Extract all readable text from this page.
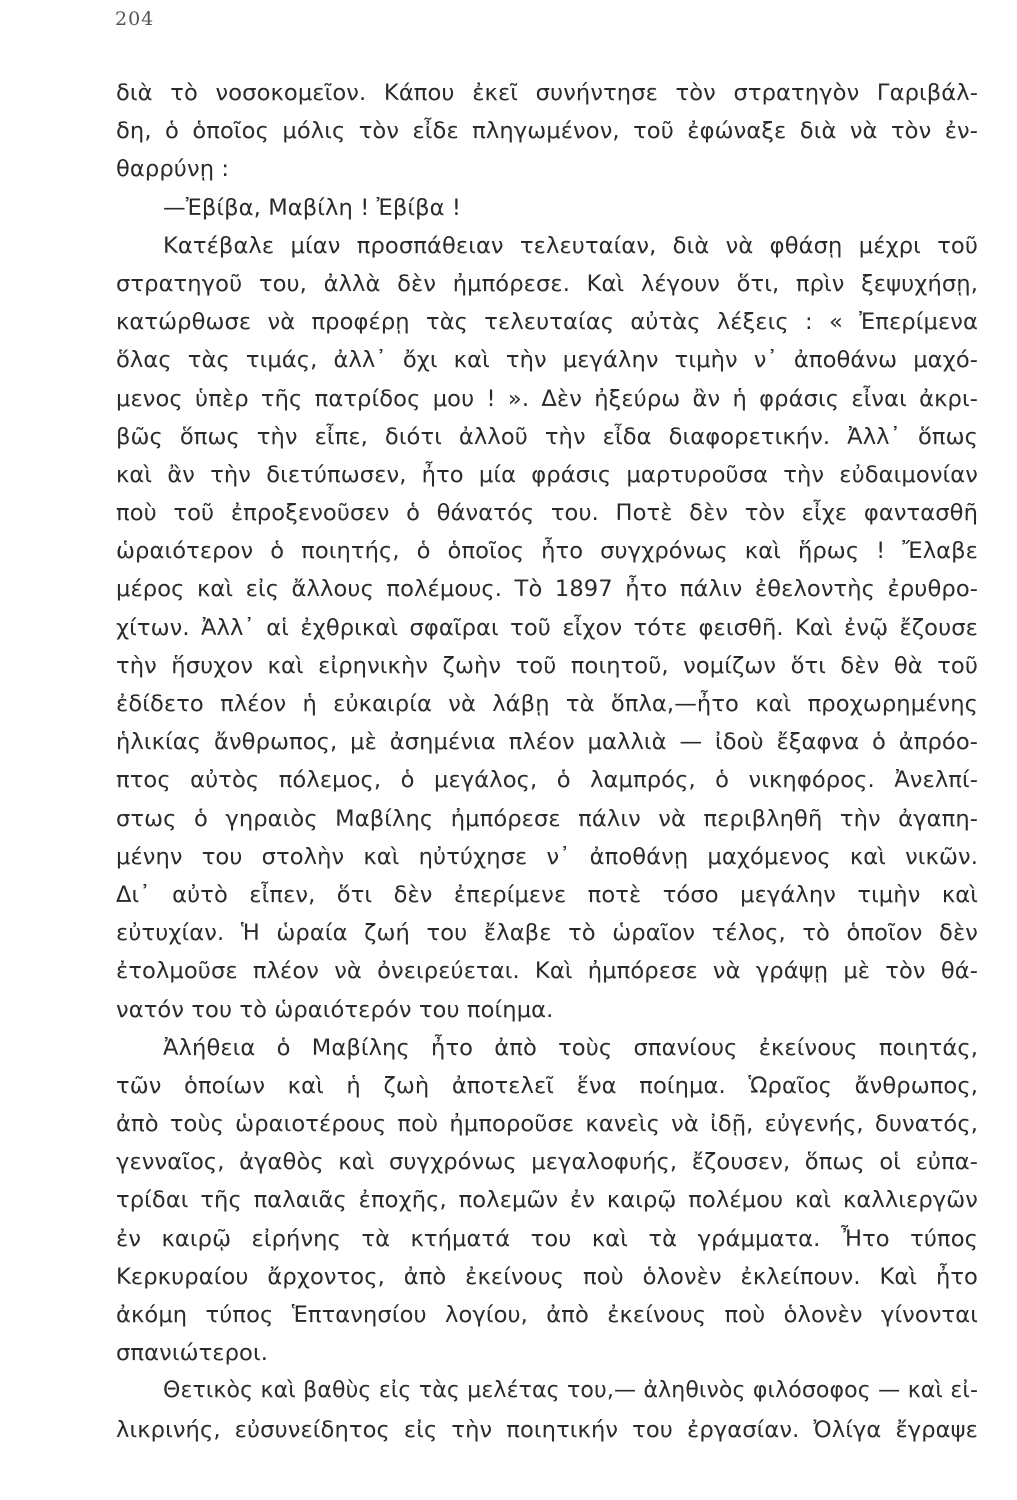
204
διὰ τὸ νοσοκομεῖον. Κάπου ἐκεῖ συνήντησε τὸν στρατηγὸν Γαριβάλ-
δη, ὁ ὁποῖος μόλις τὸν εἶδε πληγωμένον, τοῦ ἐφώναξε διὰ νὰ τὸν ἐν-
θαρρύνῃ :
—Ἐβίβα, Μαβίλη ! Ἐβίβα !
Κατέβαλε μίαν προσπάθειαν τελευταίαν, διὰ νὰ φθάσῃ μέχρι τοῦ
στρατηγοῦ του, ἀλλὰ δὲν ἠμπόρεσε. Καὶ λέγουν ὅτι, πρὶν ξεψυχήσῃ,
κατώρθωσε νὰ προφέρῃ τὰς τελευταίας αὐτὰς λέξεις : « Ἐπερίμενα
ὅλας τὰς τιμάς, ἀλλ᾽ ὄχι καὶ τὴν μεγάλην τιμὴν ν᾽ ἀποθάνω μαχό-
μενος ὑπὲρ τῆς πατρίδος μου ! ». Δὲν ἠξεύρω ἂν ἡ φράσις εἶναι ἀκρι-
βῶς ὅπως τὴν εἶπε, διότι ἀλλοῦ τὴν εἶδα διαφορετικήν. Ἀλλ᾽ ὅπως
καὶ ἂν τὴν διετύπωσεν, ἦτο μία φράσις μαρτυροῦσα τὴν εὐδαιμονίαν
ποὺ τοῦ ἐπροξενοῦσεν ὁ θάνατός του. Ποτὲ δὲν τὸν εἶχε φαντασθῆ
ὡραιότερον ὁ ποιητής, ὁ ὁποῖος ἦτο συγχρόνως καὶ ἥρως ! Ἔλαβε
μέρος καὶ εἰς ἄλλους πολέμους. Τὸ 1897 ἦτο πάλιν ἐθελοντὴς ἐρυθρο-
χίτων. Ἀλλ᾽ αἱ ἐχθρικαὶ σφαῖραι τοῦ εἶχον τότε φεισθῆ. Καὶ ἐνῷ ἔζουσε
τὴν ἥσυχον καὶ εἰρηνικὴν ζωὴν τοῦ ποιητοῦ, νομίζων ὅτι δὲν θὰ τοῦ
ἐδίδετο πλέον ἡ εὐκαιρία νὰ λάβῃ τὰ ὅπλα,—ἦτο καὶ προχωρημένης
ἡλικίας ἄνθρωπος, μὲ ἀσημένια πλέον μαλλιὰ — ἰδοὺ ἔξαφνα ὁ ἀπρόο-
πτος αὐτὸς πόλεμος, ὁ μεγάλος, ὁ λαμπρός, ὁ νικηφόρος. Ἀνελπί-
στως ὁ γηραιὸς Μαβίλης ἠμπόρεσε πάλιν νὰ περιβληθῆ τὴν ἀγαπη-
μένην του στολὴν καὶ ηὐτύχησε ν᾽ ἀποθάνῃ μαχόμενος καὶ νικῶν.
Δι᾽ αὐτὸ εἶπεν, ὅτι δὲν ἐπερίμενε ποτὲ τόσο μεγάλην τιμὴν καὶ
εὐτυχίαν. Ἡ ὡραία ζωή του ἔλαβε τὸ ὡραῖον τέλος, τὸ ὁποῖον δὲν
ἐτολμοῦσε πλέον νὰ ὀνειρεύεται. Καὶ ἠμπόρεσε νὰ γράψῃ μὲ τὸν θά-
νατόν του τὸ ὡραιότερόν του ποίημα.
Ἀλήθεια ὁ Μαβίλης ἦτο ἀπὸ τοὺς σπανίους ἐκείνους ποιητάς,
τῶν ὁποίων καὶ ἡ ζωὴ ἀποτελεῖ ἕνα ποίημα. Ὡραῖος ἄνθρωπος,
ἀπὸ τοὺς ὡραιοτέρους ποὺ ἠμποροῦσε κανεὶς νὰ ἰδῇ, εὐγενής, δυνατός,
γενναῖος, ἀγαθὸς καὶ συγχρόνως μεγαλοφυής, ἔζουσεν, ὅπως οἱ εὐπα-
τρίδαι τῆς παλαιᾶς ἐποχῆς, πολεμῶν ἐν καιρῷ πολέμου καὶ καλλιεργῶν
ἐν καιρῷ εἰρήνης τὰ κτήματά του καὶ τὰ γράμματα. Ἦτο τύπος
Κερκυραίου ἄρχοντος, ἀπὸ ἐκείνους ποὺ ὁλονὲν ἐκλείπουν. Καὶ ἦτο
ἀκόμη τύπος Ἑπτανησίου λογίου, ἀπὸ ἐκείνους ποὺ ὁλονὲν γίνονται
σπανιώτεροι.
Θετικὸς καὶ βαθὺς εἰς τὰς μελέτας του,— ἀληθινὸς φιλόσοφος — καὶ εἰ-
λικρινής, εὐσυνείδητος εἰς τὴν ποιητικήν του ἐργασίαν. Ὀλίγα ἔγραψε
